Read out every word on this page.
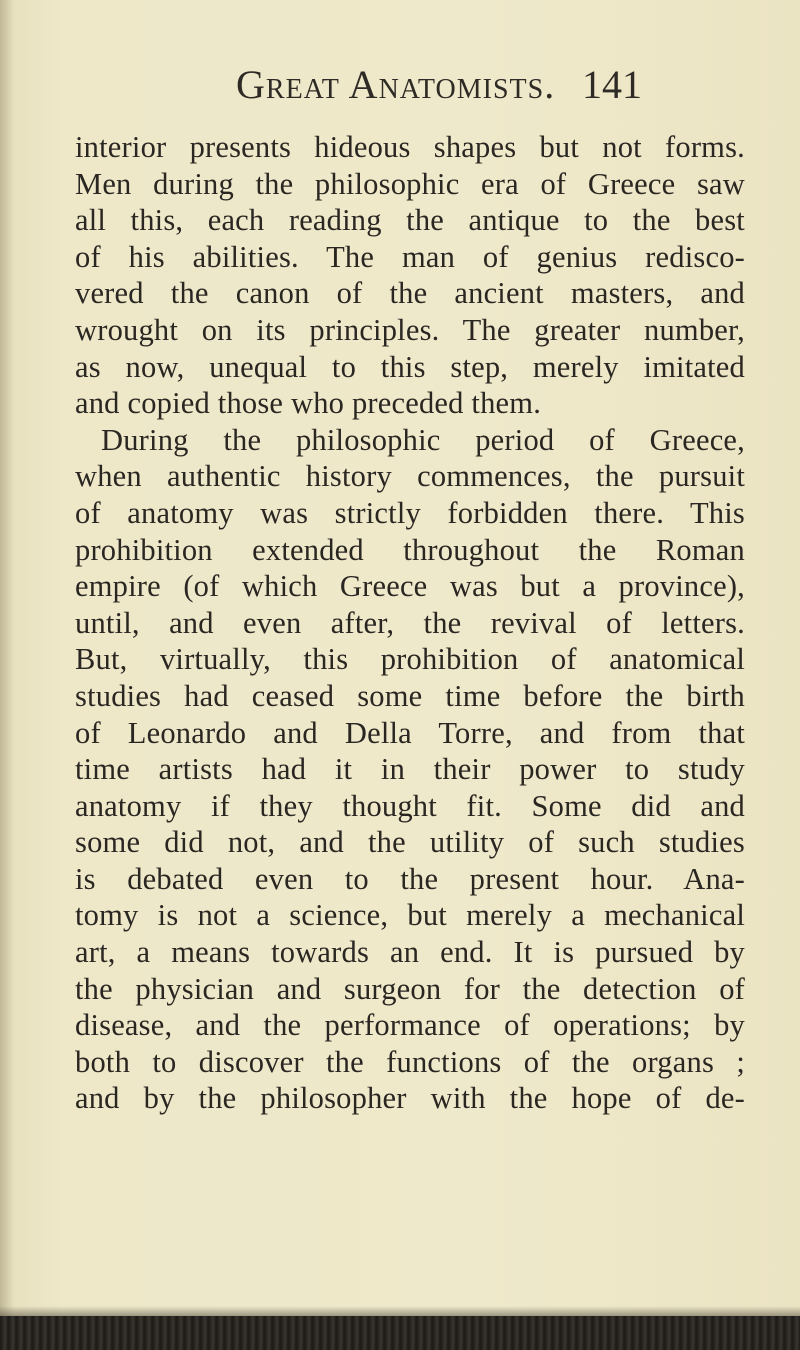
Great Anatomists. 141
interior presents hideous shapes but not forms.
Men during the philosophic era of Greece saw
all this, each reading the antique to the best
of his abilities. The man of genius redisco-
vered the canon of the ancient masters, and
wrought on its principles. The greater number,
as now, unequal to this step, merely imitated
and copied those who preceded them.
During the philosophic period of Greece,
when authentic history commences, the pursuit
of anatomy was strictly forbidden there. This
prohibition extended throughout the Roman
empire (of which Greece was but a province),
until, and even after, the revival of letters.
But, virtually, this prohibition of anatomical
studies had ceased some time before the birth
of Leonardo and Della Torre, and from that
time artists had it in their power to study
anatomy if they thought fit. Some did and
some did not, and the utility of such studies
is debated even to the present hour. Ana-
tomy is not a science, but merely a mechanical
art, a means towards an end. It is pursued by
the physician and surgeon for the detection of
disease, and the performance of operations; by
both to discover the functions of the organs ;
and by the philosopher with the hope of de-
